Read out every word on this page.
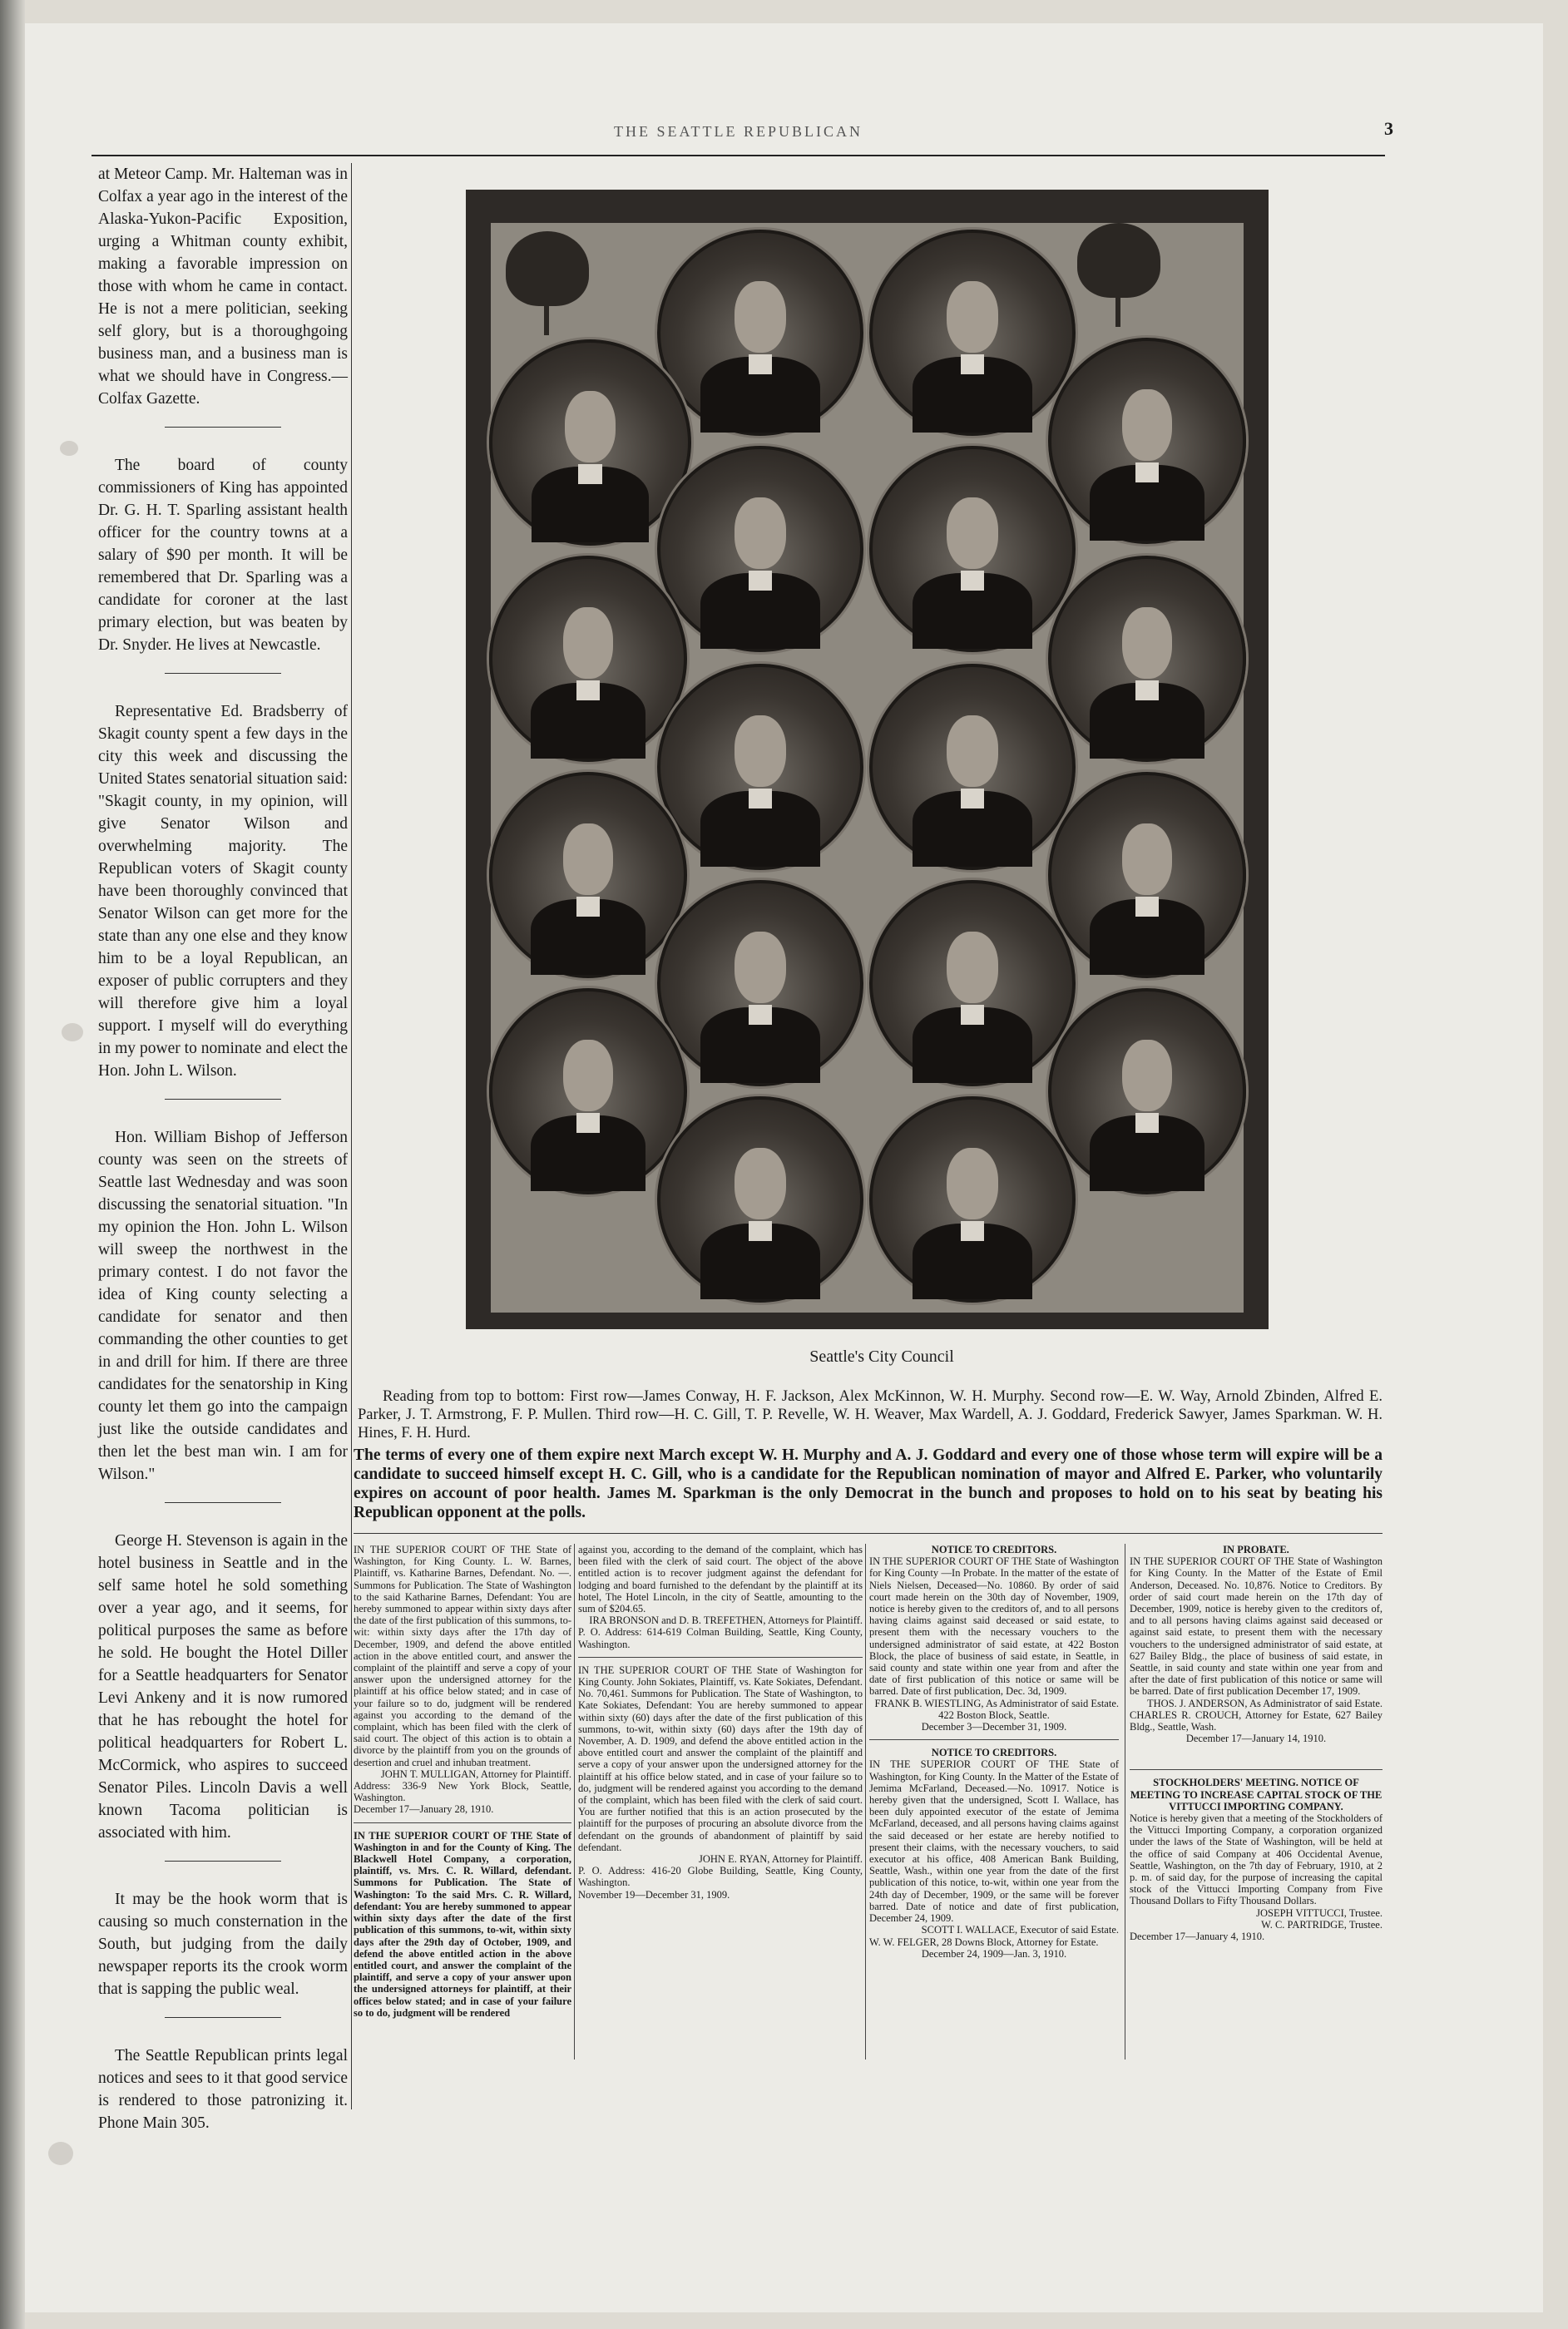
THE SEATTLE REPUBLICAN	3

at Meteor Camp. Mr. Halteman was in Colfax a year ago in the interest of the Alaska-Yukon-Pacific Exposition, urging a Whitman county exhibit, making a favorable impression on those with whom he came in contact. He is not a mere politician, seeking self glory, but is a thoroughgoing business man, and a business man is what we should have in Congress.—Colfax Gazette.

The board of county commissioners of King has appointed Dr. G. H. T. Sparling assistant health officer for the country towns at a salary of $90 per month. It will be remembered that Dr. Sparling was a candidate for coroner at the last primary election, but was beaten by Dr. Snyder. He lives at Newcastle.

Representative Ed. Bradsberry of Skagit county spent a few days in the city this week and discussing the United States senatorial situation said: "Skagit county, in my opinion, will give Senator Wilson and overwhelming majority. The Republican voters of Skagit county have been thoroughly convinced that Senator Wilson can get more for the state than any one else and they know him to be a loyal Republican, an exposer of public corrupters and they will therefore give him a loyal support. I myself will do everything in my power to nominate and elect the Hon. John L. Wilson.

Hon. William Bishop of Jefferson county was seen on the streets of Seattle last Wednesday and was soon discussing the senatorial situation. "In my opinion the Hon. John L. Wilson will sweep the northwest in the primary contest. I do not favor the idea of King county selecting a candidate for senator and then commanding the other counties to get in and drill for him. If there are three candidates for the senatorship in King county let them go into the campaign just like the outside candidates and then let the best man win. I am for Wilson."

George H. Stevenson is again in the hotel business in Seattle and in the self same hotel he sold something over a year ago, and it seems, for political purposes the same as before he sold. He bought the Hotel Diller for a Seattle headquarters for Senator Levi Ankeny and it is now rumored that he has rebought the hotel for political headquarters for Robert L. McCormick, who aspires to succeed Senator Piles. Lincoln Davis a well known Tacoma politician is associated with him.

It may be the hook worm that is causing so much consternation in the South, but judging from the daily newspaper reports its the crook worm that is sapping the public weal.

The Seattle Republican prints legal notices and sees to it that good service is rendered to those patronizing it. Phone Main 305.

Seattle's City Council
Reading from top to bottom: First row—James Conway, H. F. Jackson, Alex McKinnon, W. H. Murphy. Second row—E. W. Way, Arnold Zbinden, Alfred E. Parker, J. T. Armstrong, F. P. Mullen. Third row—H. C. Gill, T. P. Revelle, W. H. Weaver, Max Wardell, A. J. Goddard, Frederick Sawyer, James Sparkman. W. H. Hines, F. H. Hurd.
The terms of every one of them expire next March except W. H. Murphy and A. J. Goddard and every one of those whose term will expire will be a candidate to succeed himself except H. C. Gill, who is a candidate for the Republican nomination of mayor and Alfred E. Parker, who voluntarily expires on account of poor health. James M. Sparkman is the only Democrat in the bunch and proposes to hold on to his seat by beating his Republican opponent at the polls.

IN THE SUPERIOR COURT OF THE State of Washington, for King County. L. W. Barnes, Plaintiff, vs. Katharine Barnes, Defendant. No. —. Summons for Publication. The State of Washington to the said Katharine Barnes, Defendant: You are hereby summoned to appear within sixty days after the date of the first publication of this summons, to-wit: within sixty days after the 17th day of December, 1909, and defend the above entitled action in the above entitled court, and answer the complaint of the plaintiff and serve a copy of your answer upon the undersigned attorney for the plaintiff at his office below stated; and in case of your failure so to do, judgment will be rendered against you according to the demand of the complaint, which has been filed with the clerk of said court. The object of this action is to obtain a divorce by the plaintiff from you on the grounds of desertion and cruel and inhuban treatment.

JOHN T. MULLIGAN, Attorney for Plaintiff.

Address: 336-9 New York Block, Seattle, Washington.

December 17—January 28, 1910.

IN THE SUPERIOR COURT OF THE State of Washington in and for the County of King. The Blackwell Hotel Company, a corporation, plaintiff, vs. Mrs. C. R. Willard, defendant. Summons for Publication. The State of Washington: To the said Mrs. C. R. Willard, defendant: You are hereby summoned to appear within sixty days after the date of the first publication of this summons, to-wit, within sixty days after the 29th day of October, 1909, and defend the above entitled action in the above entitled court, and answer the complaint of the plaintiff, and serve a copy of your answer upon the undersigned attorneys for plaintiff, at their offices below stated; and in case of your failure so to do, judgment will be rendered

against you, according to the demand of the complaint, which has been filed with the clerk of said court. The object of the above entitled action is to recover judgment against the defendant for lodging and board furnished to the defendant by the plaintiff at its hotel, The Hotel Lincoln, in the city of Seattle, amounting to the sum of $204.65.

IRA BRONSON and D. B. TREFETHEN, Attorneys for Plaintiff.

P. O. Address: 614-619 Colman Building, Seattle, King County, Washington.

IN THE SUPERIOR COURT OF THE State of Washington for King County. John Sokiates, Plaintiff, vs. Kate Sokiates, Defendant. No. 70,461. Summons for Publication. The State of Washington, to Kate Sokiates, Defendant: You are hereby summoned to appear within sixty (60) days after the date of the first publication of this summons, to-wit, within sixty (60) days after the 19th day of November, A. D. 1909, and defend the above entitled action in the above entitled court and answer the complaint of the plaintiff and serve a copy of your answer upon the undersigned attorney for the plaintiff at his office below stated, and in case of your failure so to do, judgment will be rendered against you according to the demand of the complaint, which has been filed with the clerk of said court. You are further notified that this is an action prosecuted by the plaintiff for the purposes of procuring an absolute divorce from the defendant on the grounds of abandonment of plaintiff by said defendant.

JOHN E. RYAN, Attorney for Plaintiff.

P. O. Address: 416-20 Globe Building, Seattle, King County, Washington.

November 19—December 31, 1909.

NOTICE TO CREDITORS.

IN THE SUPERIOR COURT OF THE State of Washington for King County —In Probate. In the matter of the estate of Niels Nielsen, Deceased—No. 10860. By order of said court made herein on the 30th day of November, 1909, notice is hereby given to the creditors of, and to all persons having claims against said deceased or said estate, to present them with the necessary vouchers to the undersigned administrator of said estate, at 422 Boston Block, the place of business of said estate, in Seattle, in said county and state within one year from and after the date of first publication of this notice or same will be barred. Date of first publication, Dec. 3d, 1909.

FRANK B. WIESTLING, As Administrator of said Estate.

422 Boston Block, Seattle.

December 3—December 31, 1909.

NOTICE TO CREDITORS.

IN THE SUPERIOR COURT OF THE State of Washington, for King County. In the Matter of the Estate of Jemima McFarland, Deceased.—No. 10917. Notice is hereby given that the undersigned, Scott I. Wallace, has been duly appointed executor of the estate of Jemima McFarland, deceased, and all persons having claims against the said deceased or her estate are hereby notified to present their claims, with the necessary vouchers, to said executor at his office, 408 American Bank Building, Seattle, Wash., within one year from the date of the first publication of this notice, to-wit, within one year from the 24th day of December, 1909, or the same will be forever barred. Date of notice and date of first publication, December 24, 1909.

SCOTT I. WALLACE, Executor of said Estate.

W. W. FELGER, 28 Downs Block, Attorney for Estate.

December 24, 1909—Jan. 3, 1910.

IN PROBATE.

IN THE SUPERIOR COURT OF THE State of Washington for King County. In the Matter of the Estate of Emil Anderson, Deceased. No. 10,876. Notice to Creditors. By order of said court made herein on the 17th day of December, 1909, notice is hereby given to the creditors of, and to all persons having claims against said deceased or against said estate, to present them with the necessary vouchers to the undersigned administrator of said estate, at 627 Bailey Bldg., the place of business of said estate, in Seattle, in said county and state within one year from and after the date of first publication of this notice or same will be barred. Date of first publication December 17, 1909.

THOS. J. ANDERSON, As Administrator of said Estate.

CHARLES R. CROUCH, Attorney for Estate, 627 Bailey Bldg., Seattle, Wash.

December 17—January 14, 1910.

STOCKHOLDERS' MEETING. NOTICE OF MEETING TO INCREASE CAPITAL STOCK OF THE VITTUCCI IMPORTING COMPANY.

Notice is hereby given that a meeting of the Stockholders of the Vittucci Importing Company, a corporation organized under the laws of the State of Washington, will be held at the office of said Company at 406 Occidental Avenue, Seattle, Washington, on the 7th day of February, 1910, at 2 p. m. of said day, for the purpose of increasing the capital stock of the Vittucci Importing Company from Five Thousand Dollars to Fifty Thousand Dollars.

JOSEPH VITTUCCI, Trustee.

W. C. PARTRIDGE, Trustee.

December 17—January 4, 1910.
